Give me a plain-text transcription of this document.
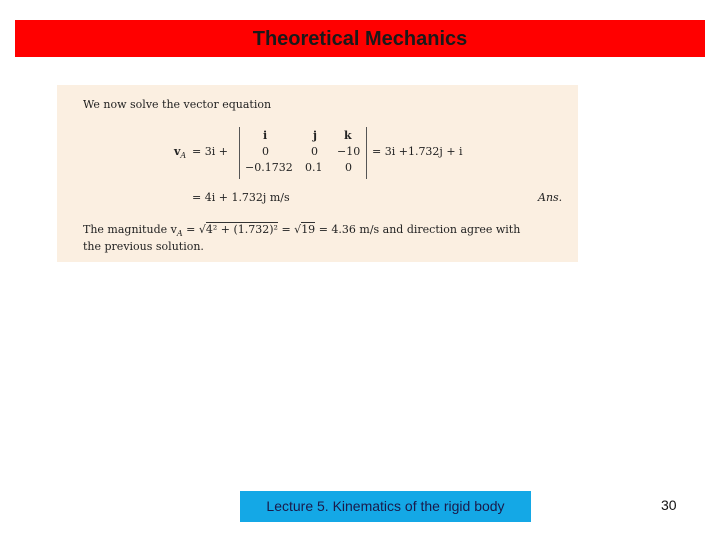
Theoretical Mechanics
We now solve the vector equation
$v_A = 3i$ +
i	j k
0	0 −10
−0.1732 0.1 0
= 3i +1.732j + i
= 4i + 1.732j m/s	Ans.
The magnitude $v_A = √4^2 + (1.732)^2 = √19 = 4.36$ m/s and direction agree with
the previous solution.
Lecture 5. Kinematics of the rigid body	30
